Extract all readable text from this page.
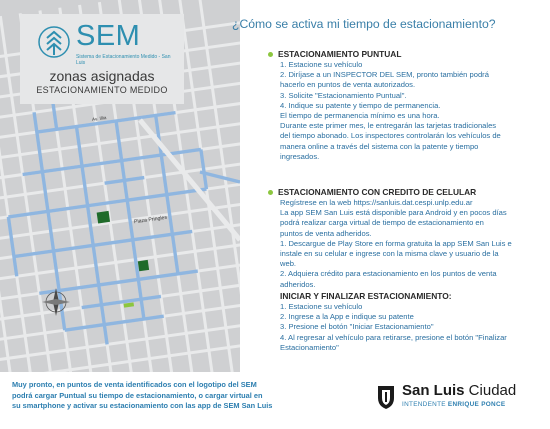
SEM
Sistema de Estacionamiento Medido - San Luis
zonas asignadas
ESTACIONAMIENTO MEDIDO
Plaza Pringles
Av. Illia
¿Cómo se activa mi tiempo de estacionamiento?
ESTACIONAMIENTO PUNTUAL
1. Estacione su vehículo
2. Diríjase a un INSPECTOR DEL SEM, pronto también podrá
hacerlo en puntos de venta autorizados.
3. Solicite "Estacionamiento Puntual".
4. Indique su patente y tiempo de permanencia.
El tiempo de permanencia mínimo es una hora.
Durante este primer mes, le entregarán las tarjetas tradicionales
del tiempo abonado. Los inspectores controlarán los vehículos de
manera online a través del sistema con la patente y tiempo
ingresados.
ESTACIONAMIENTO CON CREDITO DE CELULAR
Regístrese en la web https://sanluis.dat.cespi.unlp.edu.ar
La app SEM San Luis está disponible para Android y en pocos días
podrá realizar carga virtual de tiempo de estacionamiento en
puntos de venta adheridos.
1. Descargue de Play Store en forma gratuita la app SEM San Luis e
instale en su celular e ingrese con la misma clave y usuario de la
web.
2. Adquiera crédito para estacionamiento en los puntos de venta
adheridos.
INICIAR Y FINALIZAR ESTACIONAMIENTO:
1. Estacione su vehículo
2. Ingrese a la App e indique su patente
3. Presione el botón "Iniciar Estacionamiento"
4. Al regresar al vehículo para retirarse, presione el botón "Finalizar
Estacionamiento"
Muy pronto, en puntos de venta identificados con el logotipo del SEM
podrá cargar Puntual su tiempo de estacionamiento, o cargar virtual en
su smartphone y activar su estacionamiento con las app de SEM San Luis
San Luis Ciudad
INTENDENTE ENRIQUE PONCE
